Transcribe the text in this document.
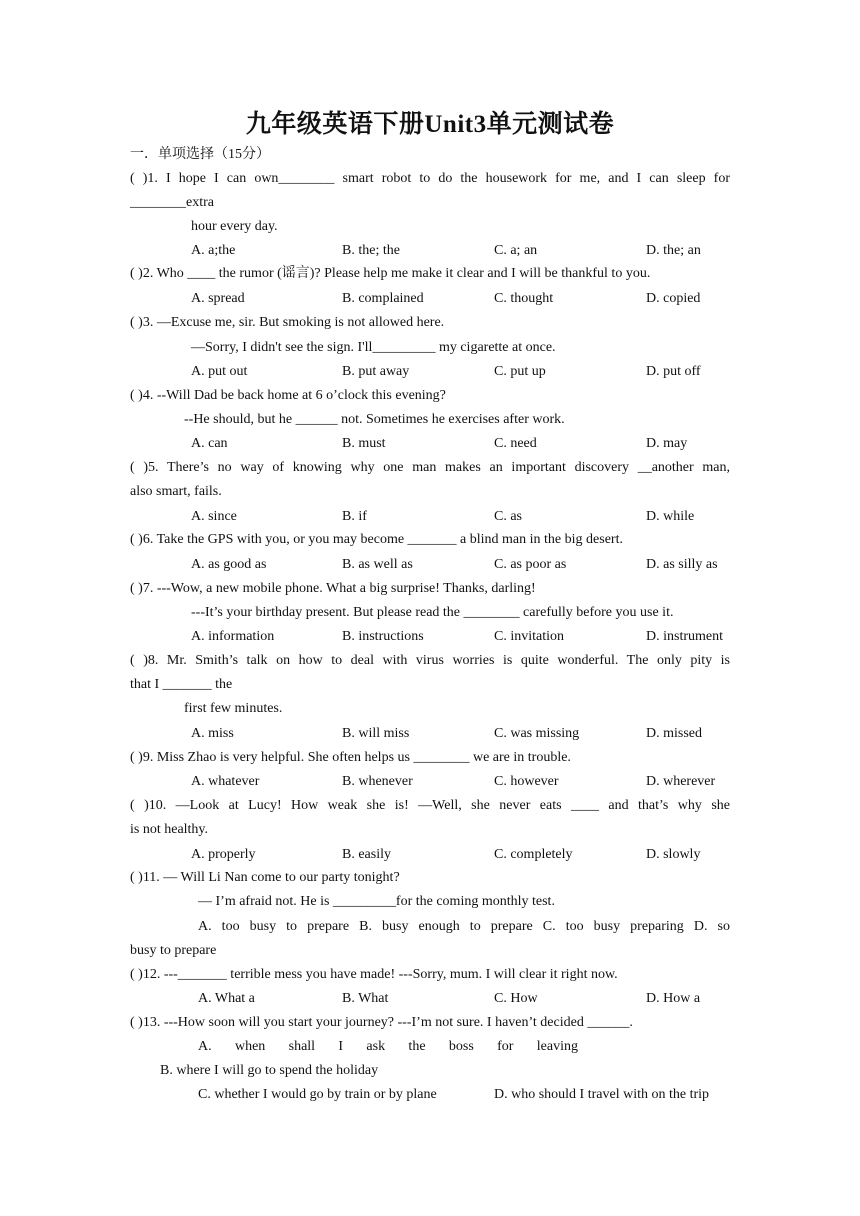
九年级英语下册Unit3单元测试卷
一．单项选择（15分）
( )1. I hope I can own________ smart robot to do the housework for me, and I can sleep for
________extra
hour every day.
A. a;the	B. the; the	C. a; an	D. the; an
( )2. Who ____ the rumor (谣言)? Please help me make it clear and I will be thankful to you.
A. spread	B. complained	C. thought	D. copied
( )3. —Excuse me, sir. But smoking is not allowed here.
—Sorry, I didn't see the sign. I'll_________ my cigarette at once.
A. put out	B. put away	C. put up	D. put off
( )4. --Will Dad be back home at 6 o’clock this evening?
--He should, but he ______ not. Sometimes he exercises after work.
A. can	B. must	C. need	D. may
( )5. There’s no way of knowing why one man makes an important discovery __another man,
also smart, fails.
A. since	B. if	C. as	D. while
( )6. Take the GPS with you, or you may become _______ a blind man in the big desert.
A. as good as	B. as well as	C. as poor as	D. as silly as
( )7. ---Wow, a new mobile phone. What a big surprise! Thanks, darling!
---It’s your birthday present. But please read the ________ carefully before you use it.
A. information	B. instructions	C. invitation	D. instrument
( )8. Mr. Smith’s talk on how to deal with virus worries is quite wonderful. The only pity is
that I _______ the
first few minutes.
A. miss	B. will miss	C. was missing	D. missed
( )9. Miss Zhao is very helpful. She often helps us ________ we are in trouble.
A. whatever	B. whenever	C. however	D. wherever
( )10. —Look at Lucy! How weak she is! —Well, she never eats ____ and that’s why she
is not healthy.
A. properly	B. easily	C. completely	D. slowly
( )11. — Will Li Nan come to our party tonight?
— I’m afraid not. He is _________for the coming monthly test.
A. too busy to prepare B. busy enough to prepare C. too busy preparing D. so
busy to prepare
( )12. ---_______ terrible mess you have made! ---Sorry, mum. I will clear it right now.
A. What a	B. What	C. How	D. How a
( )13. ---How soon will you start your journey? ---I’m not sure. I haven’t decided ______.
A. when shall I ask the boss for leaving
B. where I will go to spend the holiday
C. whether I would go by train or by plane	D. who should I travel with on the trip
